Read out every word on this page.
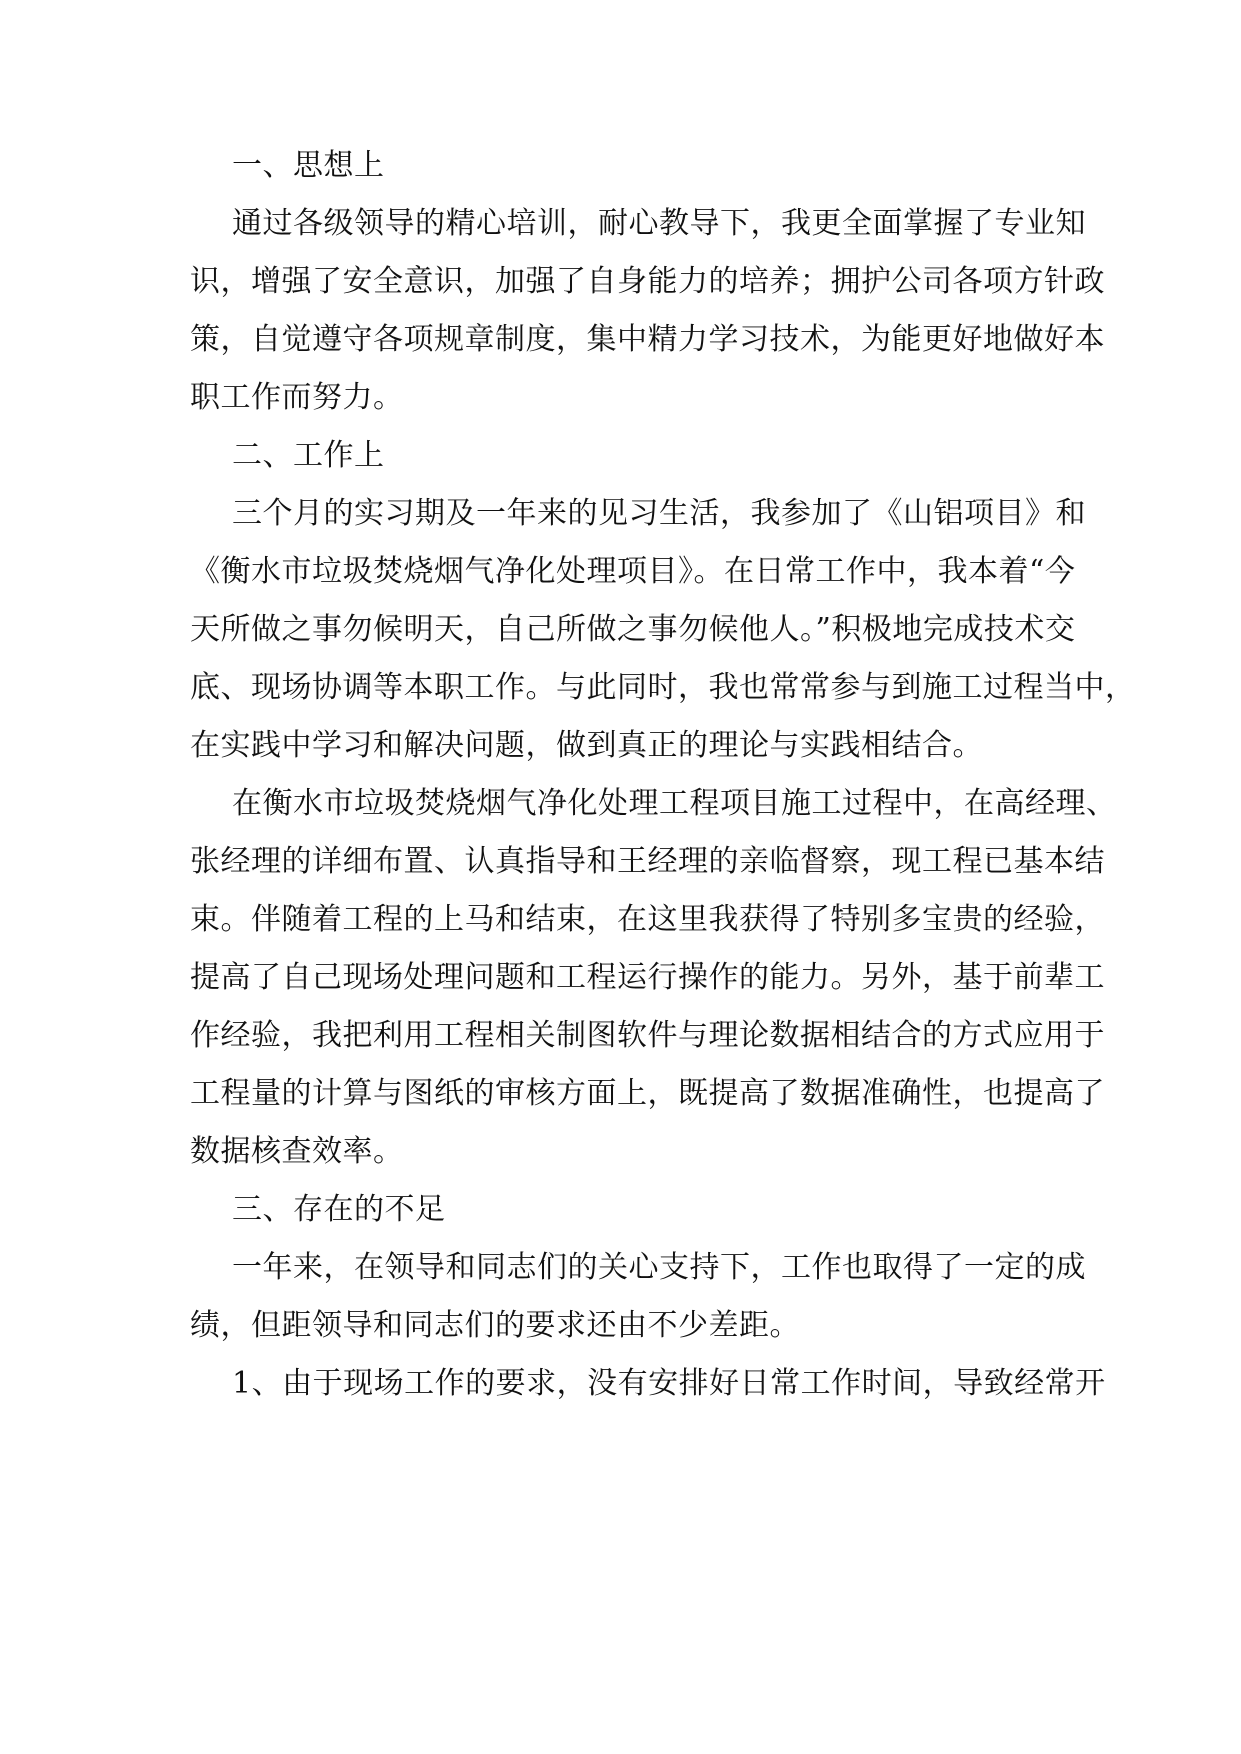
一、思想上
通过各级领导的精心培训，耐心教导下，我更全面掌握了专业知
识，增强了安全意识，加强了自身能力的培养；拥护公司各项方针政
策，自觉遵守各项规章制度，集中精力学习技术，为能更好地做好本
职工作而努力。
二、工作上
三个月的实习期及一年来的见习生活，我参加了《山铝项目》和
《衡水市垃圾焚烧烟气净化处理项目》。在日常工作中，我本着“今
天所做之事勿候明天，自己所做之事勿候他人。”积极地完成技术交
底、现场协调等本职工作。与此同时，我也常常参与到施工过程当中，
在实践中学习和解决问题，做到真正的理论与实践相结合。
在衡水市垃圾焚烧烟气净化处理工程项目施工过程中，在高经理、
张经理的详细布置、认真指导和王经理的亲临督察，现工程已基本结
束。伴随着工程的上马和结束，在这里我获得了特别多宝贵的经验，
提高了自己现场处理问题和工程运行操作的能力。另外，基于前辈工
作经验，我把利用工程相关制图软件与理论数据相结合的方式应用于
工程量的计算与图纸的审核方面上，既提高了数据准确性，也提高了
数据核查效率。
三、存在的不足
一年来，在领导和同志们的关心支持下，工作也取得了一定的成
绩，但距领导和同志们的要求还由不少差距。
1、由于现场工作的要求，没有安排好日常工作时间，导致经常开
